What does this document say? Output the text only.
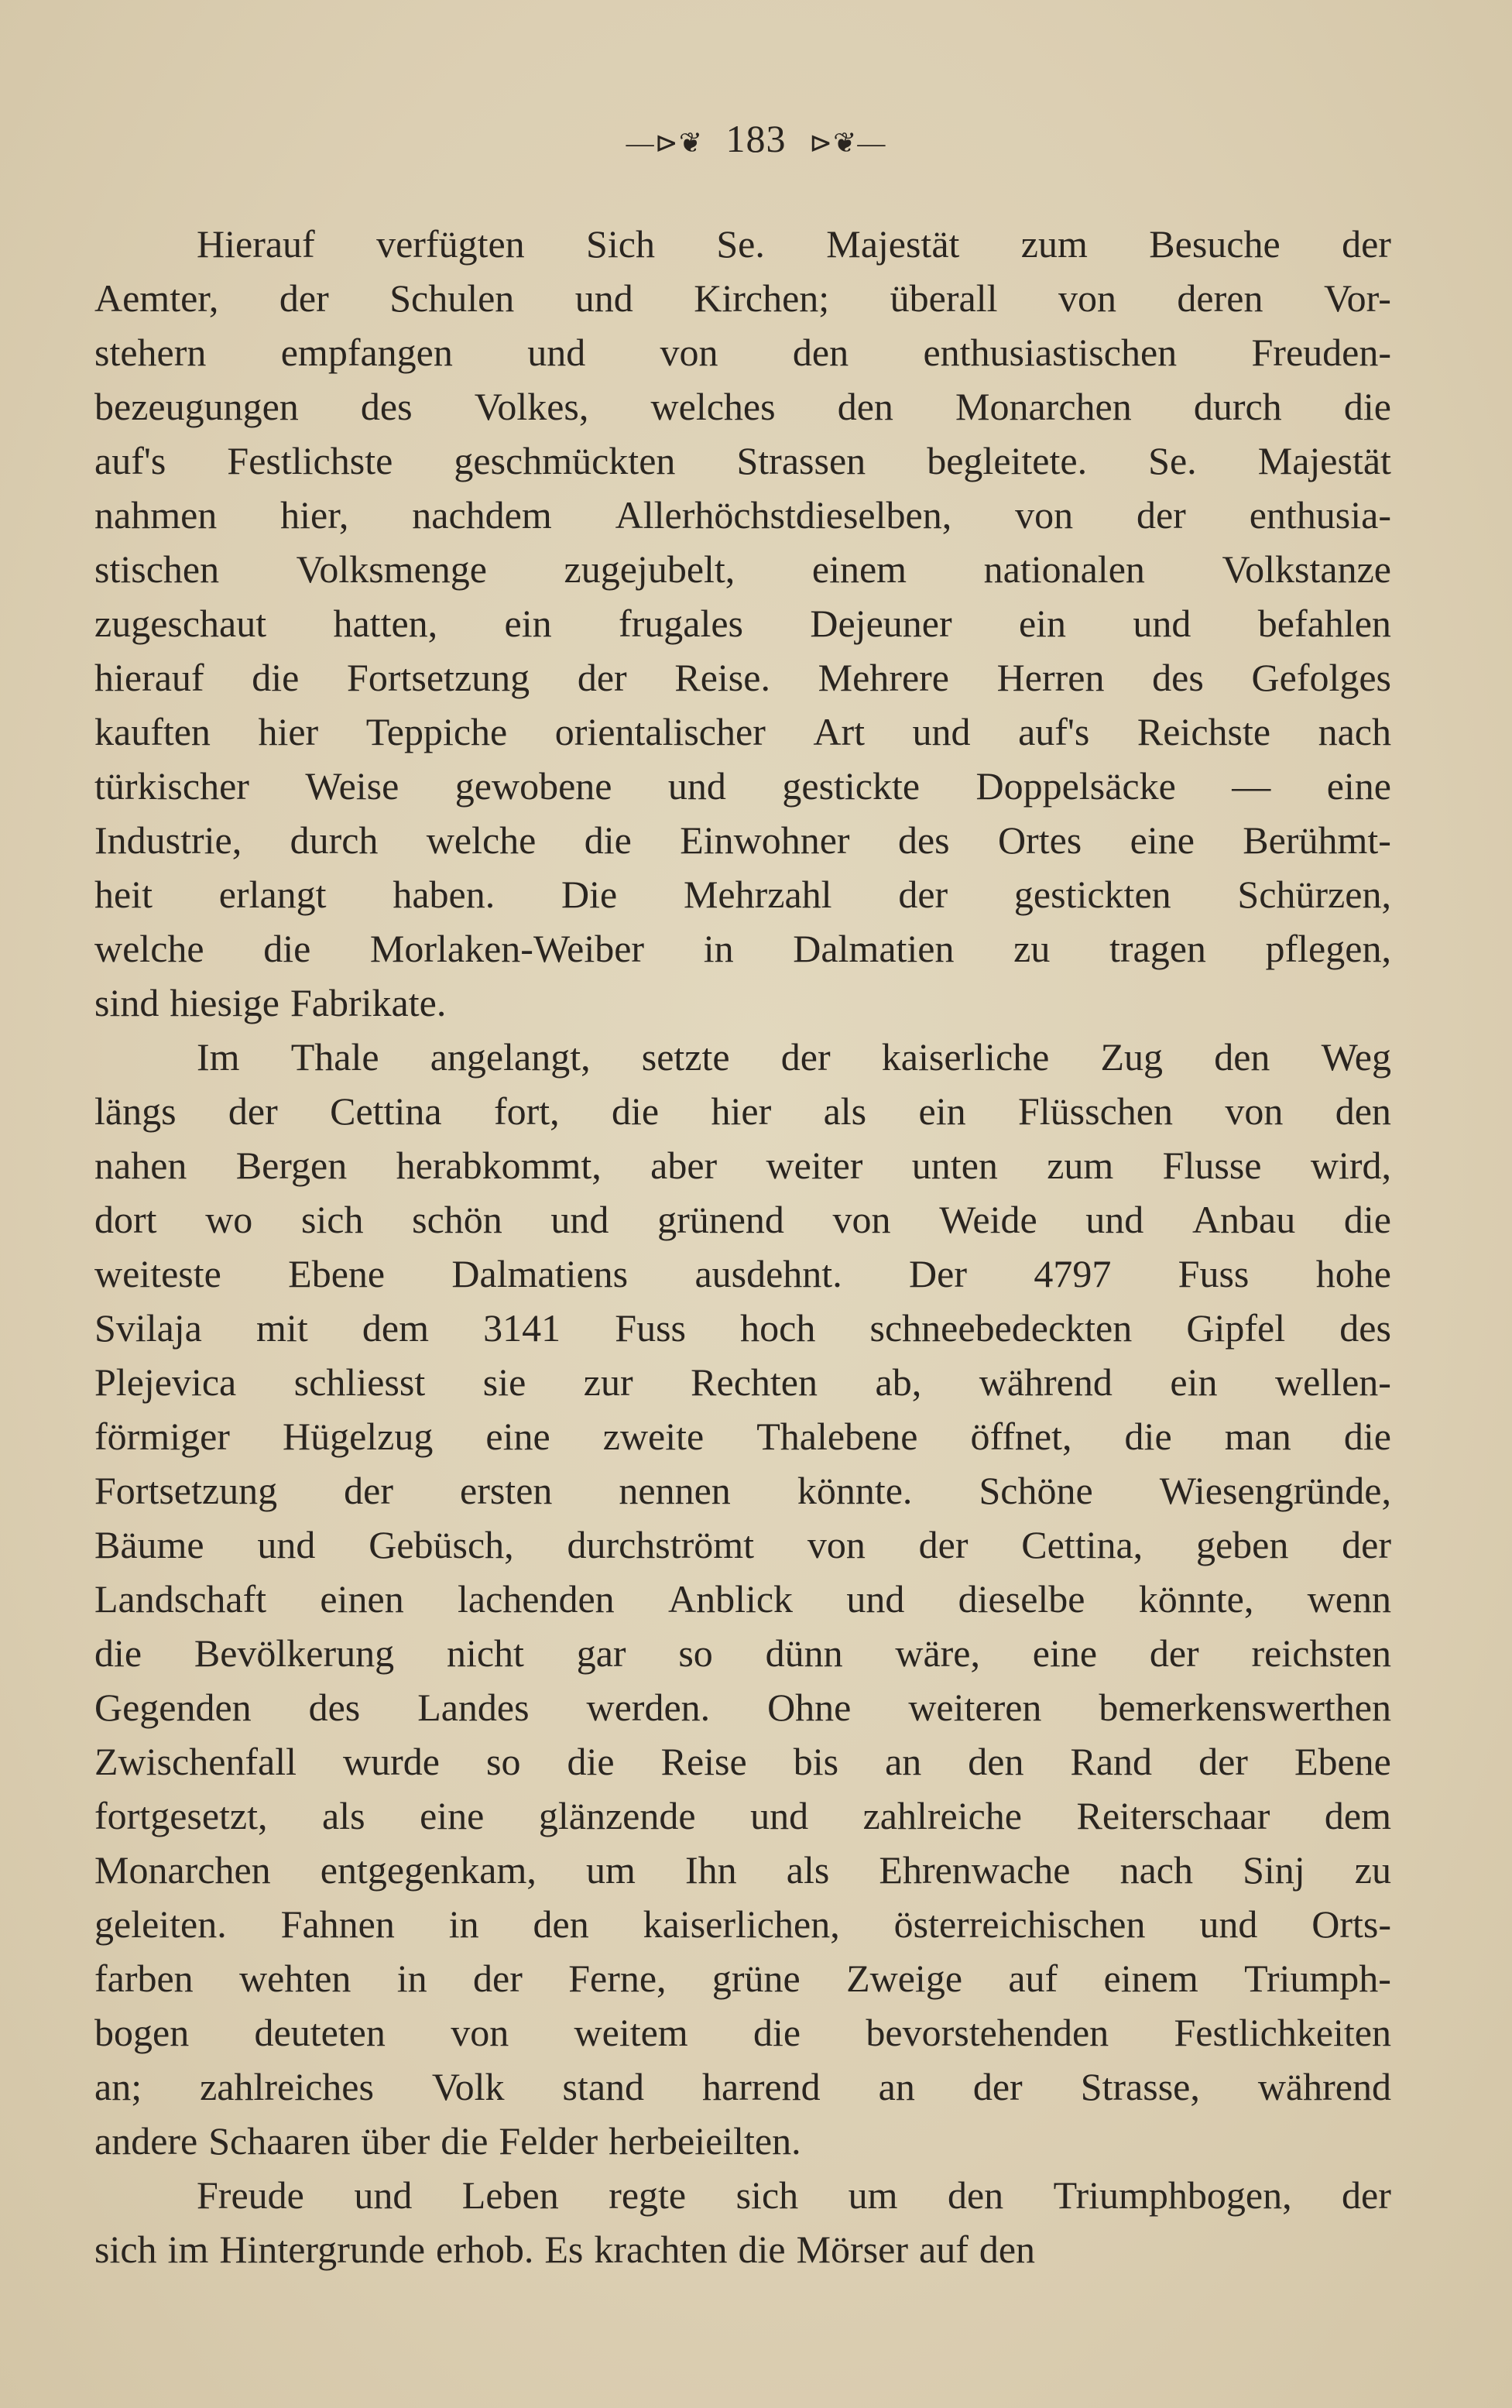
—⊳❦ 183 ⊳❦—
Hierauf verfügten Sich Se. Majestät zum Besuche der
Aemter, der Schulen und Kirchen; überall von deren Vor-
stehern empfangen und von den enthusiastischen Freuden-
bezeugungen des Volkes, welches den Monarchen durch die
auf's Festlichste geschmückten Strassen begleitete. Se. Majestät
nahmen hier, nachdem Allerhöchstdieselben, von der enthusia-
stischen Volksmenge zugejubelt, einem nationalen Volkstanze
zugeschaut hatten, ein frugales Dejeuner ein und befahlen
hierauf die Fortsetzung der Reise. Mehrere Herren des Gefolges
kauften hier Teppiche orientalischer Art und auf's Reichste nach
türkischer Weise gewobene und gestickte Doppelsäcke — eine
Industrie, durch welche die Einwohner des Ortes eine Berühmt-
heit erlangt haben. Die Mehrzahl der gestickten Schürzen,
welche die Morlaken-Weiber in Dalmatien zu tragen pflegen,
sind hiesige Fabrikate.
Im Thale angelangt, setzte der kaiserliche Zug den Weg
längs der Cettina fort, die hier als ein Flüsschen von den
nahen Bergen herabkommt, aber weiter unten zum Flusse wird,
dort wo sich schön und grünend von Weide und Anbau die
weiteste Ebene Dalmatiens ausdehnt. Der 4797 Fuss hohe
Svilaja mit dem 3141 Fuss hoch schneebedeckten Gipfel des
Plejevica schliesst sie zur Rechten ab, während ein wellen-
förmiger Hügelzug eine zweite Thalebene öffnet, die man die
Fortsetzung der ersten nennen könnte. Schöne Wiesengründe,
Bäume und Gebüsch, durchströmt von der Cettina, geben der
Landschaft einen lachenden Anblick und dieselbe könnte, wenn
die Bevölkerung nicht gar so dünn wäre, eine der reichsten
Gegenden des Landes werden. Ohne weiteren bemerkenswerthen
Zwischenfall wurde so die Reise bis an den Rand der Ebene
fortgesetzt, als eine glänzende und zahlreiche Reiterschaar dem
Monarchen entgegenkam, um Ihn als Ehrenwache nach Sinj zu
geleiten. Fahnen in den kaiserlichen, österreichischen und Orts-
farben wehten in der Ferne, grüne Zweige auf einem Triumph-
bogen deuteten von weitem die bevorstehenden Festlichkeiten
an; zahlreiches Volk stand harrend an der Strasse, während
andere Schaaren über die Felder herbeieilten.
Freude und Leben regte sich um den Triumphbogen, der
sich im Hintergrunde erhob. Es krachten die Mörser auf den
